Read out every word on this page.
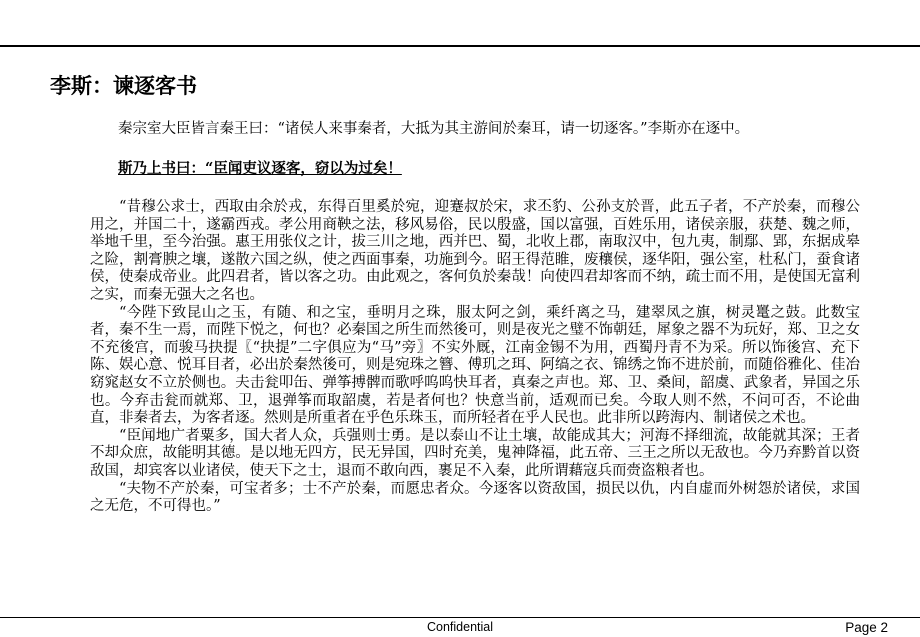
李斯：谏逐客书
秦宗室大臣皆言秦王曰：“诸侯人来事秦者，大抵为其主游间於秦耳，请一切逐客。”李斯亦在逐中。
斯乃上书曰：“臣闻吏议逐客，窃以为过矣！

“昔穆公求士，西取由余於戎，东得百里奚於宛，迎蹇叔於宋，求丕豹、公孙支於晋，此五子者，不产於秦，而穆公用之，并国二十，遂霸西戎。孝公用商鞅之法，移风易俗，民以殷盛，国以富强，百姓乐用，诸侯亲服，获楚、魏之师，举地千里，至今治强。惠王用张仪之计，拔三川之地，西并巴、蜀，北收上郡，南取汉中，包九夷，制鄢、郢，东据成皋之险，割膏腴之壤，遂散六国之纵，使之西面事秦，功施到今。昭王得范睢，废穰侯，逐华阳，强公室，杜私门，蚕食诸侯，使秦成帝业。此四君者，皆以客之功。由此观之，客何负於秦哉！向使四君却客而不纳，疏士而不用，是使国无富利之实，而秦无强大之名也。

“今陛下致昆山之玉，有随、和之宝，垂明月之珠，服太阿之剑，乘纤离之马，建翠凤之旗，树灵鼍之鼓。此数宝者，秦不生一焉，而陛下悦之，何也？必秦国之所生而然後可，则是夜光之璧不饰朝廷，犀象之器不为玩好，郑、卫之女不充後宫，而骏马抉提〖“抉提”二字俱应为“马”旁〗不实外厩，江南金锡不为用，西蜀丹青不为采。所以饰後宫、充下陈、娱心意、悦耳目者，必出於秦然後可，则是宛珠之簪、傅玑之珥、阿缟之衣、锦绣之饰不进於前，而随俗雅化、佳冶窈窕赵女不立於侧也。夫击瓮叩缶、弹筝搏髀而歌呼呜呜快耳者，真秦之声也。郑、卫、桑间，韶虞、武象者，异国之乐也。今弃击瓮而就郑、卫，退弹筝而取韶虞，若是者何也？快意当前，适观而已矣。今取人则不然，不问可否，不论曲直，非秦者去，为客者逐。然则是所重者在乎色乐珠玉，而所轻者在乎人民也。此非所以跨海内、制诸侯之术也。

“臣闻地广者粟多，国大者人众，兵强则士勇。是以泰山不让土壤，故能成其大；河海不择细流，故能就其深；王者不却众庶，故能明其德。是以地无四方，民无异国，四时充美，鬼神降福，此五帝、三王之所以无敌也。今乃弃黔首以资敌国，却宾客以业诸侯，使天下之士，退而不敢向西，裹足不入秦，此所谓藉寇兵而赍盗粮者也。

“夫物不产於秦，可宝者多；士不产於秦，而愿忠者众。今逐客以资敌国，损民以仇，内自虚而外树怨於诸侯，求国之无危，不可得也。”

Confidential	Page 2
